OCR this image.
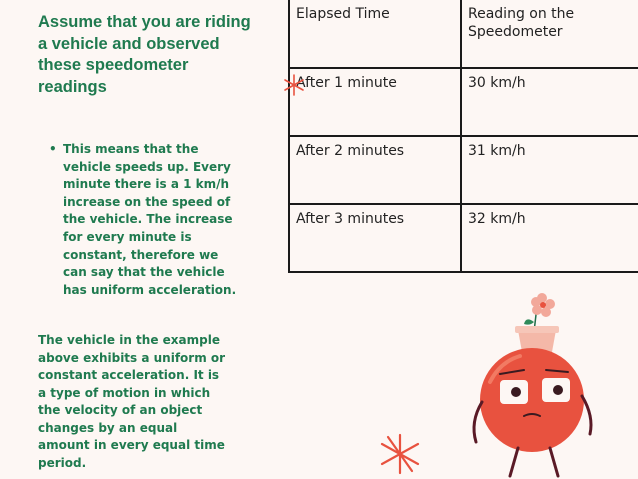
Assume that you are riding a vehicle and observed these speedometer readings
• This means that the vehicle speeds up. Every minute there is a 1 km/h increase on the speed of the vehicle. The increase for every minute is constant, therefore we can say that the vehicle has uniform acceleration.

The vehicle in the example above exhibits a uniform or constant acceleration. It is a type of motion in which the velocity of an object changes by an equal amount in every equal time period.

Elapsed Time	Reading on the Speedometer
After 1 minute	30 km/h
After 2 minutes	31 km/h
After 3 minutes	32 km/h
